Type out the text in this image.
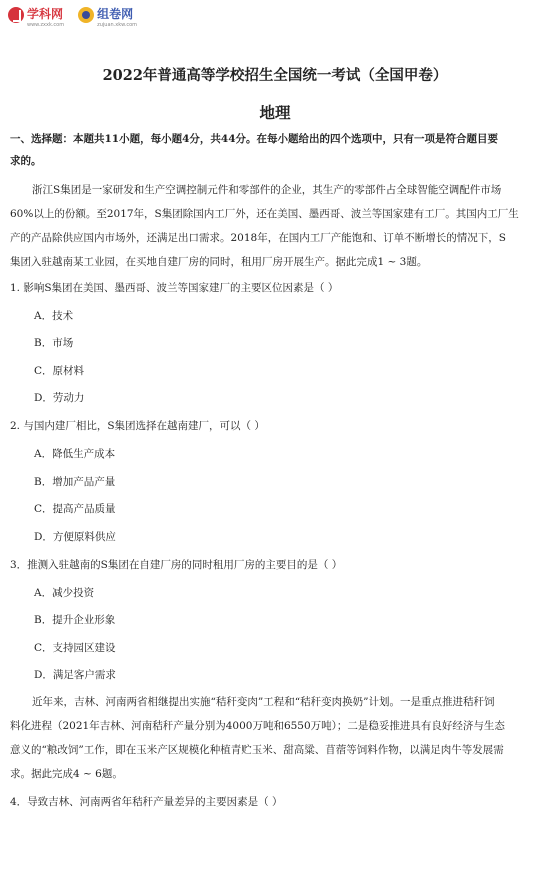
学科网
www.zxxk.com
组卷网
zujuan.xkw.com
2022年普通高等学校招生全国统一考试（全国甲卷）
地理
一、选择题：本题共11小题，每小题4分，共44分。在每小题给出的四个选项中，只有一项是符合题目要
求的。
浙江S集团是一家研发和生产空调控制元件和零部件的企业，其生产的零部件占全球智能空调配件市场
60%以上的份额。至2017年，S集团除国内工厂外，还在美国、墨西哥、波兰等国家建有工厂。其国内工厂生
产的产品除供应国内市场外，还满足出口需求。2018年，在国内工厂产能饱和、订单不断增长的情况下，S
集团入驻越南某工业园，在买地自建厂房的同时，租用厂房开展生产。据此完成1 ~ 3题。
1. 影响S集团在美国、墨西哥、波兰等国家建厂的主要区位因素是（ ）
A．技术
B．市场
C．原材料
D．劳动力
2. 与国内建厂相比，S集团选择在越南建厂，可以（ ）
A．降低生产成本
B．增加产品产量
C．提高产品质量
D．方便原料供应
3．推测入驻越南的S集团在自建厂房的同时租用厂房的主要目的是（ ）
A．减少投资
B．提升企业形象
C．支持园区建设
D．满足客户需求
近年来，吉林、河南两省相继提出实施“秸秆变肉”工程和“秸秆变肉换奶”计划。一是重点推进秸秆饲
料化进程（2021年吉林、河南秸秆产量分别为4000万吨和6550万吨）；二是稳妥推进具有良好经济与生态
意义的“粮改饲”工作，即在玉米产区规模化种植青贮玉米、甜高粱、苜蓿等饲料作物，以满足肉牛等发展需
求。据此完成4 ~ 6题。
4．导致吉林、河南两省年秸秆产量差异的主要因素是（ ）
